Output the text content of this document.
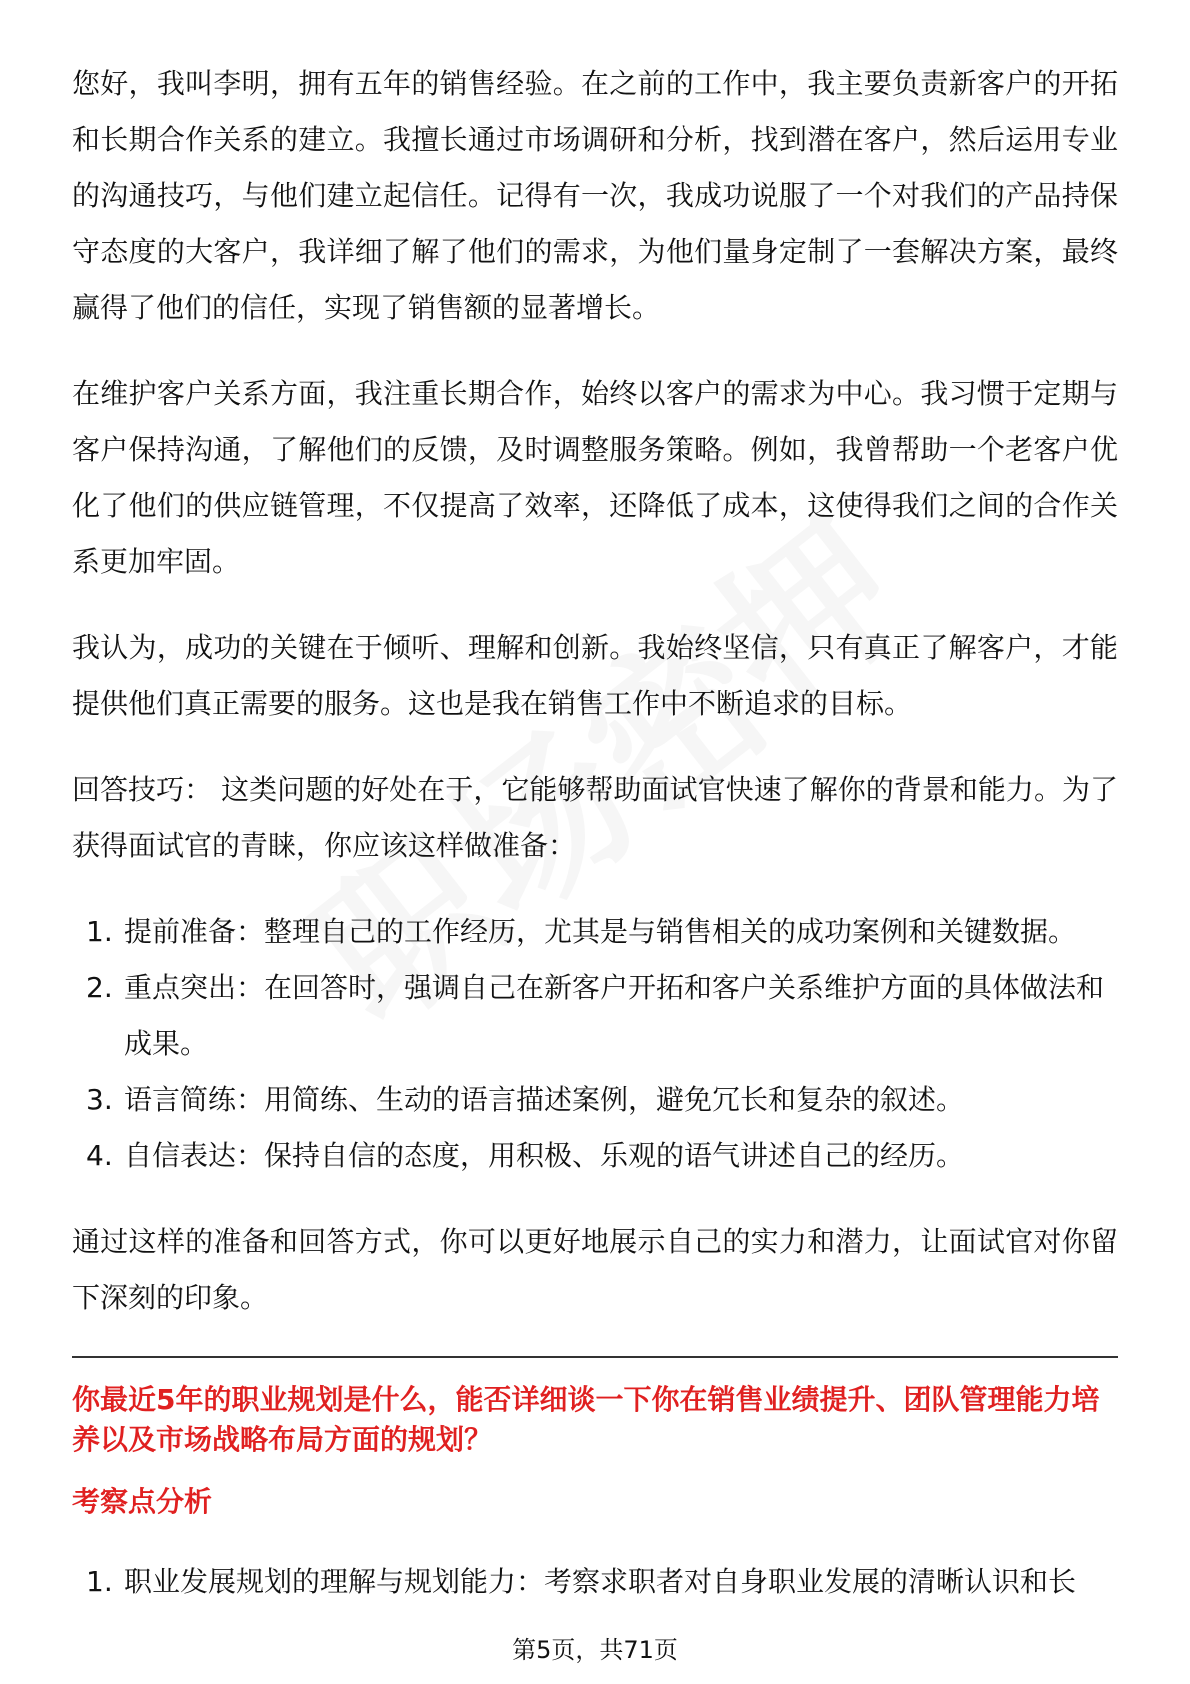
您好，我叫李明，拥有五年的销售经验。在之前的工作中，我主要负责新客户的开拓和长期合作关系的建立。我擅长通过市场调研和分析，找到潜在客户，然后运用专业的沟通技巧，与他们建立起信任。记得有一次，我成功说服了一个对我们的产品持保守态度的大客户，我详细了解了他们的需求，为他们量身定制了一套解决方案，最终赢得了他们的信任，实现了销售额的显著增长。

在维护客户关系方面，我注重长期合作，始终以客户的需求为中心。我习惯于定期与客户保持沟通，了解他们的反馈，及时调整服务策略。例如，我曾帮助一个老客户优化了他们的供应链管理，不仅提高了效率，还降低了成本，这使得我们之间的合作关系更加牢固。

我认为，成功的关键在于倾听、理解和创新。我始终坚信，只有真正了解客户，才能提供他们真正需要的服务。这也是我在销售工作中不断追求的目标。

回答技巧： 这类问题的好处在于，它能够帮助面试官快速了解你的背景和能力。为了获得面试官的青睐，你应该这样做准备：

1. 提前准备：整理自己的工作经历，尤其是与销售相关的成功案例和关键数据。
2. 重点突出：在回答时，强调自己在新客户开拓和客户关系维护方面的具体做法和成果。
3. 语言简练：用简练、生动的语言描述案例，避免冗长和复杂的叙述。
4. 自信表达：保持自信的态度，用积极、乐观的语气讲述自己的经历。

通过这样的准备和回答方式，你可以更好地展示自己的实力和潜力，让面试官对你留下深刻的印象。

你最近5年的职业规划是什么，能否详细谈一下你在销售业绩提升、团队管理能力培养以及市场战略布局方面的规划？
考察点分析
1. 职业发展规划的理解与规划能力：考察求职者对自身职业发展的清晰认识和长
第5页，共71页
